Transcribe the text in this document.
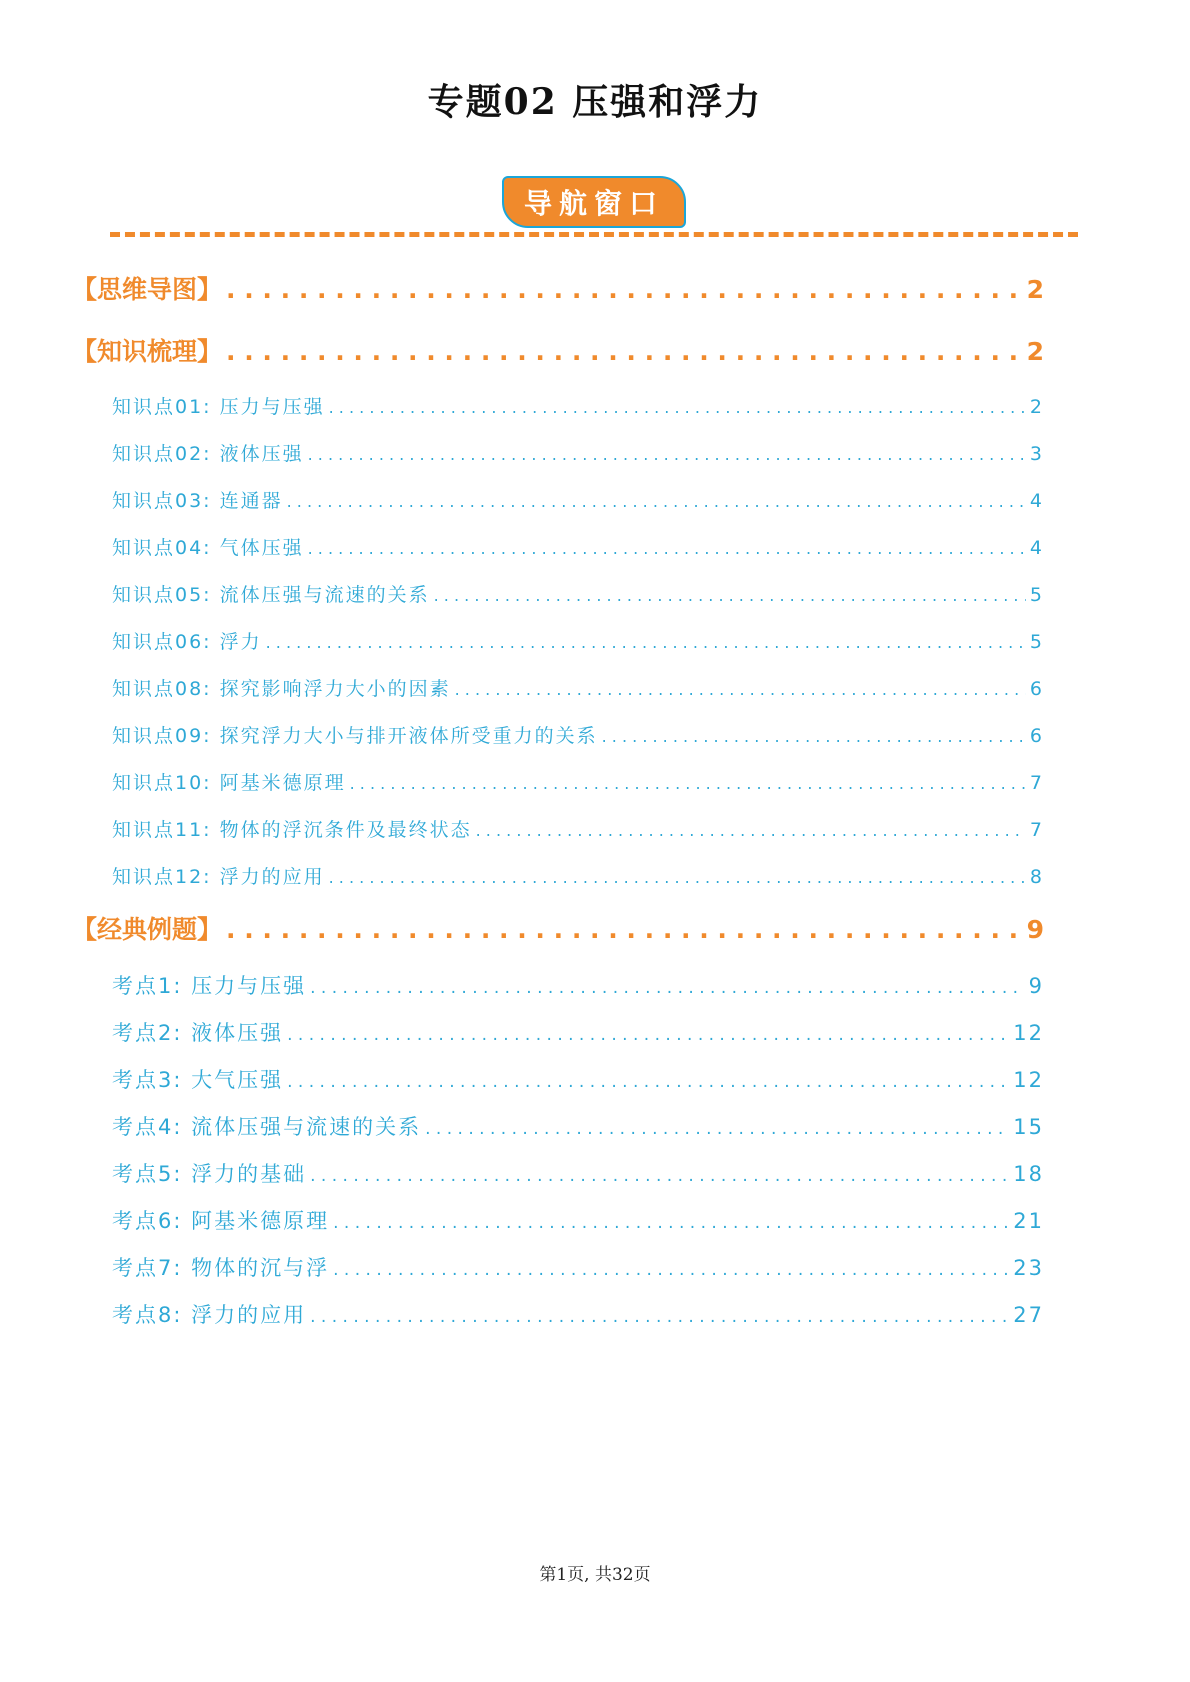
专题02 压强和浮力
导航窗口
【思维导图】 . . .	2
【知识梳理】 . . .	2
知识点01: 压力与压强 . . .	2
知识点02: 液体压强 . . .	3
知识点03: 连通器 . . .	4
知识点04: 气体压强 . . .	4
知识点05: 流体压强与流速的关系 . . .	5
知识点06: 浮力 . . .	5
知识点08: 探究影响浮力大小的因素 . . .	6
知识点09: 探究浮力大小与排开液体所受重力的关系 . . .	6
知识点10: 阿基米德原理 . . .	7
知识点11: 物体的浮沉条件及最终状态 . . .	7
知识点12: 浮力的应用 . . .	8
【经典例题】 . . .	9
考点1: 压力与压强 . . .	9
考点2: 液体压强 . . .	12
考点3: 大气压强 . . .	12
考点4: 流体压强与流速的关系 . . .	15
考点5: 浮力的基础 . . .	18
考点6: 阿基米德原理 . . .	21
考点7: 物体的沉与浮 . . .	23
考点8: 浮力的应用 . . .	27
第1页, 共32页
